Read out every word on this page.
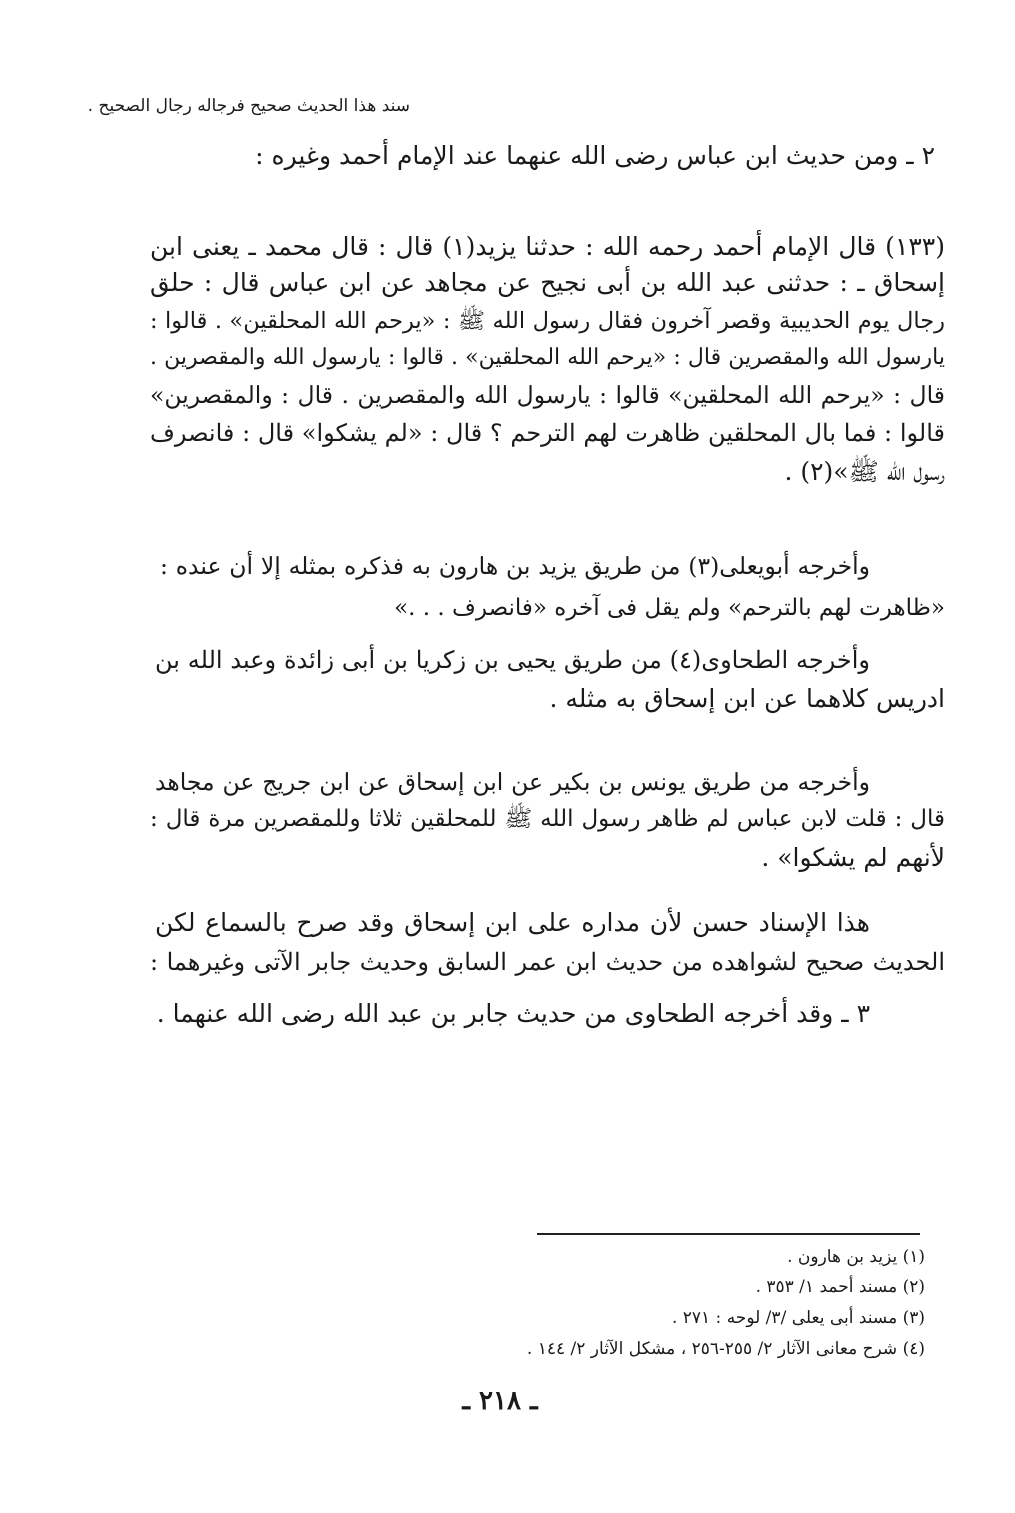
سند هذا الحديث صحيح فرجاله رجال الصحيح .
٢ ـ ومن حديث ابن عباس رضى الله عنهما عند الإمام أحمد وغيره :
(١٣٣) قال الإمام أحمد رحمه الله : حدثنا يزيد(١) قال : قال محمد ـ يعنى ابن
إسحاق ـ : حدثنى عبد الله بن أبى نجيح عن مجاهد عن ابن عباس قال : حلق
رجال يوم الحديبية وقصر آخرون فقال رسول الله ﷺ : «يرحم الله المحلقين» . قالوا :
يارسول الله والمقصرين قال : «يرحم الله المحلقين» . قالوا : يارسول الله والمقصرين .
قال : «يرحم الله المحلقين» قالوا : يارسول الله والمقصرين . قال : والمقصرين»
قالوا : فما بال المحلقين ظاهرت لهم الترحم ؟ قال : «لم يشكوا» قال : فانصرف
رسول الله ﷺ»(٢) .
وأخرجه أبويعلى(٣) من طريق يزيد بن هارون به فذكره بمثله إلا أن عنده :
«ظاهرت لهم بالترحم» ولم يقل فى آخره «فانصرف . . .»
وأخرجه الطحاوى(٤) من طريق يحيى بن زكريا بن أبى زائدة وعبد الله بن
ادريس كلاهما عن ابن إسحاق به مثله .
وأخرجه من طريق يونس بن بكير عن ابن إسحاق عن ابن جريج عن مجاهد
قال : قلت لابن عباس لم ظاهر رسول الله ﷺ للمحلقين ثلاثا وللمقصرين مرة قال :
لأنهم لم يشكوا» .
هذا الإسناد حسن لأن مداره على ابن إسحاق وقد صرح بالسماع لكن
الحديث صحيح لشواهده من حديث ابن عمر السابق وحديث جابر الآتى وغيرهما :
٣ ـ وقد أخرجه الطحاوى من حديث جابر بن عبد الله رضى الله عنهما .
(١) يزيد بن هارون .
(٢) مسند أحمد ١/ ٣٥٣ .
(٣) مسند أبى يعلى /٣/ لوحه : ٢٧١ .
(٤) شرح معانى الآثار ٢/ ٢٥٥-٢٥٦ ، مشكل الآثار ٢/ ١٤٤ .
ـ ٢١٨ ـ
